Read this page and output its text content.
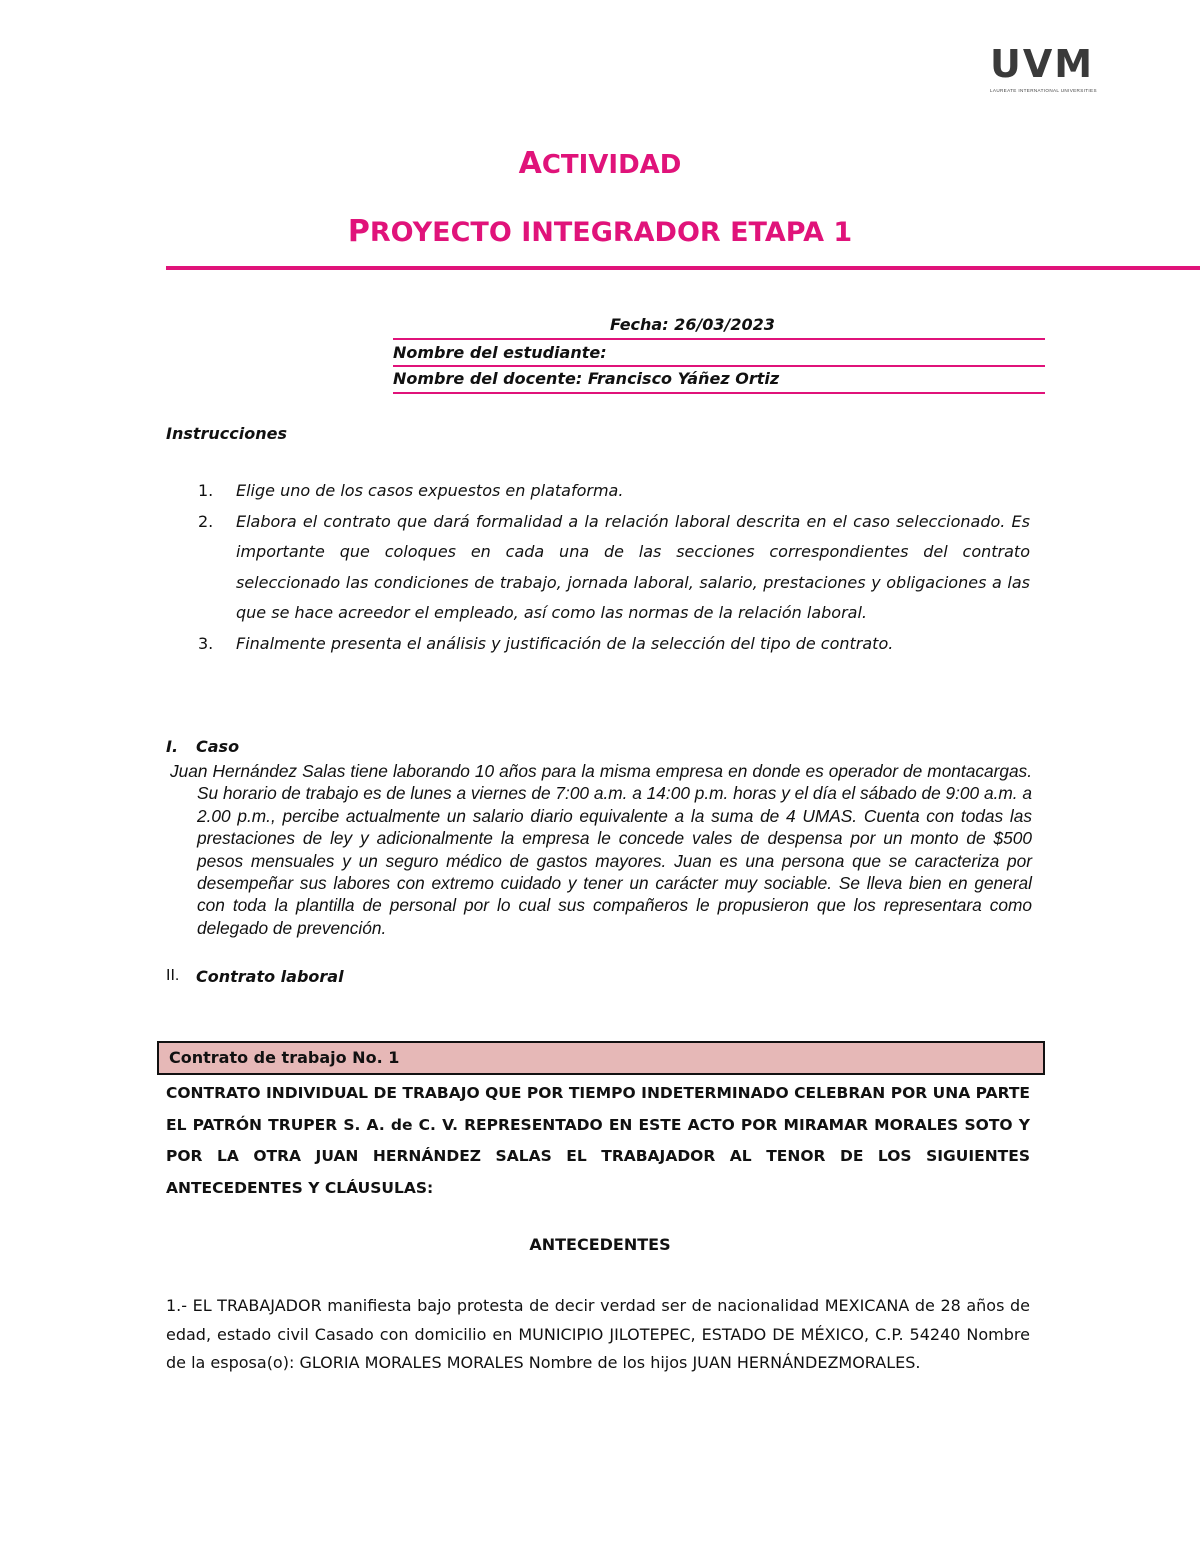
UVM
LAUREATE INTERNATIONAL UNIVERSITIES
ACTIVIDAD
PROYECTO INTEGRADOR ETAPA 1
Fecha: 26/03/2023
Nombre del estudiante:
Nombre del docente: Francisco Yáñez Ortiz
Instrucciones
1.	Elige uno de los casos expuestos en plataforma.
2.	Elabora el contrato que dará formalidad a la relación laboral descrita en el caso seleccionado. Es importante que coloques en cada una de las secciones correspondientes del contrato seleccionado las condiciones de trabajo, jornada laboral, salario, prestaciones y obligaciones a las que se hace acreedor el empleado, así como las normas de la relación laboral.
3.	Finalmente presenta el análisis y justificación de la selección del tipo de contrato.
I.	Caso
Juan Hernández Salas tiene laborando 10 años para la misma empresa en donde es operador de montacargas. Su horario de trabajo es de lunes a viernes de 7:00 a.m. a 14:00 p.m. horas y el día el sábado de 9:00 a.m. a 2.00 p.m., percibe actualmente un salario diario equivalente a la suma de 4 UMAS. Cuenta con todas las prestaciones de ley y adicionalmente la empresa le concede vales de despensa por un monto de $500 pesos mensuales y un seguro médico de gastos mayores. Juan es una persona que se caracteriza por desempeñar sus labores con extremo cuidado y tener un carácter muy sociable. Se lleva bien en general con toda la plantilla de personal por lo cual sus compañeros le propusieron que los representara como delegado de prevención.
II.	Contrato laboral
Contrato de trabajo No. 1
CONTRATO INDIVIDUAL DE TRABAJO QUE POR TIEMPO INDETERMINADO CELEBRAN POR UNA PARTE EL PATRÓN TRUPER S. A. de C. V. REPRESENTADO EN ESTE ACTO POR MIRAMAR MORALES SOTO Y POR LA OTRA JUAN HERNÁNDEZ SALAS EL TRABAJADOR AL TENOR DE LOS SIGUIENTES ANTECEDENTES Y CLÁUSULAS:
ANTECEDENTES
1.- EL TRABAJADOR manifiesta bajo protesta de decir verdad ser de nacionalidad MEXICANA de 28 años de edad, estado civil Casado con domicilio en MUNICIPIO JILOTEPEC, ESTADO DE MÉXICO, C.P. 54240 Nombre de la esposa(o): GLORIA MORALES MORALES Nombre de los hijos JUAN HERNÁNDEZMORALES.
